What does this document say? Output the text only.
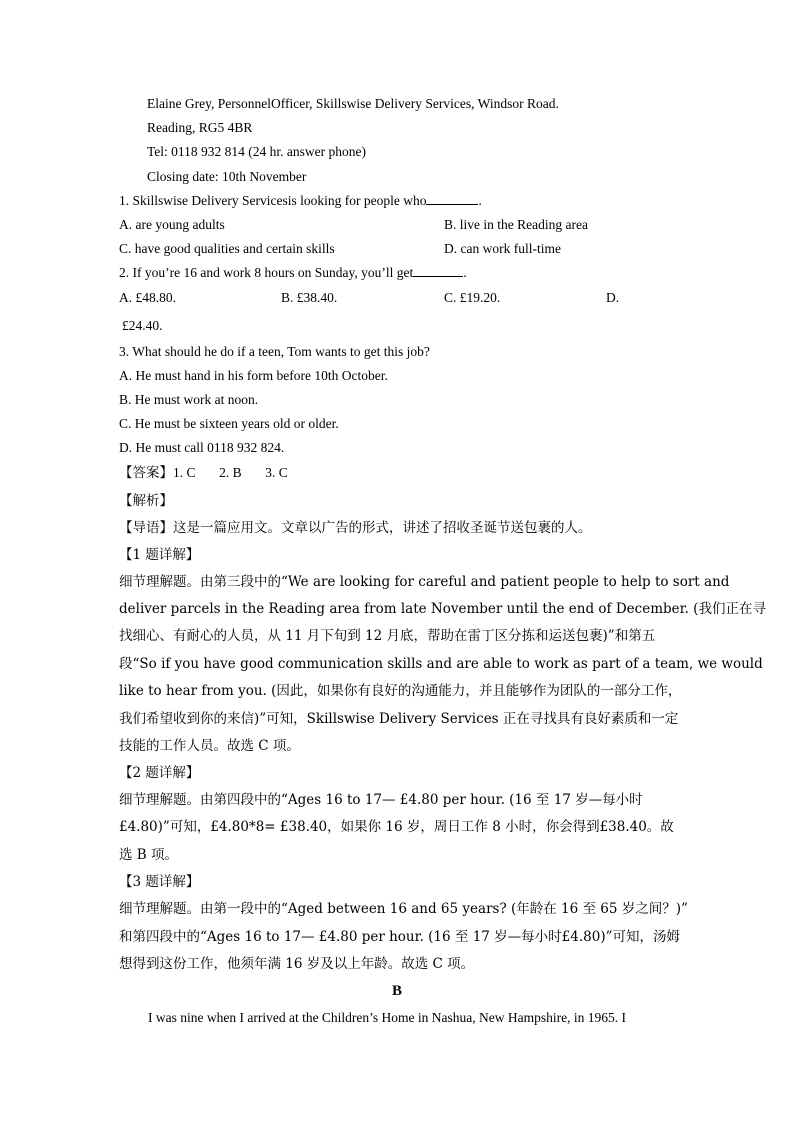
Elaine Grey, PersonnelOfficer, Skillswise Delivery Services, Windsor Road.
Reading, RG5 4BR
Tel: 0118 932 814 (24 hr. answer phone)
Closing date: 10th November
1. Skillswise Delivery Servicesis looking for people who	.
A. are young adults	B. live in the Reading area
C. have good qualities and certain skills	D. can work full-time
2. If you’re 16 and work 8 hours on Sunday, you’ll get	.
A. £48.80.	B. £38.40.	C. £19.20.	D.
£24.40.
3. What should he do if a teen, Tom wants to get this job?
A. He must hand in his form before 10th October.
B. He must work at noon.
C. He must be sixteen years old or older.
D. He must call 0118 932 824.
【答案】1. C       2. B       3. C
【解析】
【导语】这是一篇应用文。文章以广告的形式，讲述了招收圣诞节送包裹的人。
【1 题详解】
细节理解题。由第三段中的“We are looking for careful and patient people to help to sort and
deliver parcels in the Reading area from late November until the end of December. (我们正在寻
找细心、有耐心的人员，从 11 月下旬到 12 月底，帮助在雷丁区分拣和运送包裹)”和第五
段“So if you have good communication skills and are able to work as part of a team, we would
like to hear from you. (因此，如果你有良好的沟通能力，并且能够作为团队的一部分工作，
我们希望收到你的来信)”可知，Skillswise Delivery Services 正在寻找具有良好素质和一定
技能的工作人员。故选 C 项。
【2 题详解】
细节理解题。由第四段中的“Ages 16 to 17— £4.80 per hour. (16 至 17 岁—每小时
£4.80)”可知，£4.80*8= £38.40，如果你 16 岁，周日工作 8 小时，你会得到£38.40。故
选 B 项。
【3 题详解】
细节理解题。由第一段中的“Aged between 16 and 65 years? (年龄在 16 至 65 岁之间？)”
和第四段中的“Ages 16 to 17— £4.80 per hour. (16 至 17 岁—每小时£4.80)”可知，汤姆
想得到这份工作，他须年满 16 岁及以上年龄。故选 C 项。
B
I was nine when I arrived at the Children’s Home in Nashua, New Hampshire, in 1965. I
